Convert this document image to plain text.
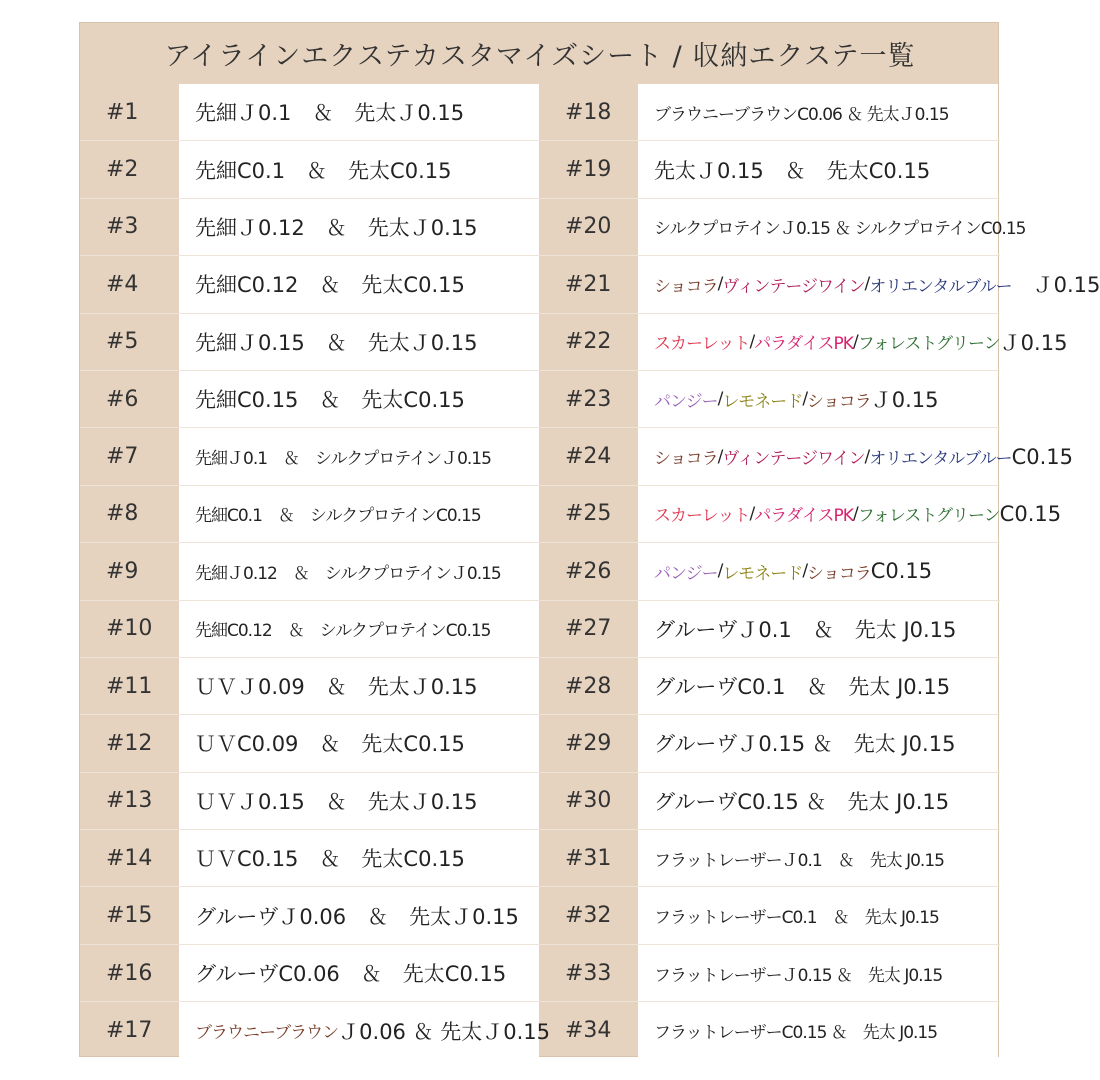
アイラインエクステカスタマイズシート / 収納エクステ一覧
#1	先細Ｊ0.1　＆　先太Ｊ0.15	#18	ブラウニーブラウンC0.06 ＆ 先太Ｊ0.15
#2	先細C0.1　＆　先太C0.15	#19	先太Ｊ0.15　＆　先太C0.15
#3	先細Ｊ0.12　＆　先太Ｊ0.15	#20	シルクプロテインＪ0.15 ＆ シルクプロテインC0.15
#4	先細C0.12　＆　先太C0.15	#21	ショコラ / ヴィンテージワイン / オリエンタルブルー 　Ｊ0.15
#5	先細Ｊ0.15　＆　先太Ｊ0.15	#22	スカーレット / パラダイスPK / フォレストグリーン Ｊ0.15
#6	先細C0.15　＆　先太C0.15	#23	パンジー / レモネード / ショコラ Ｊ0.15
#7	先細Ｊ0.1　＆　シルクプロテインＪ0.15	#24	ショコラ / ヴィンテージワイン / オリエンタルブルー C0.15
#8	先細C0.1　＆　シルクプロテインC0.15	#25	スカーレット / パラダイスPK / フォレストグリーン C0.15
#9	先細Ｊ0.12　＆　シルクプロテインＪ0.15	#26	パンジー / レモネード / ショコラ C0.15
#10	先細C0.12　＆　シルクプロテインC0.15	#27	グルーヴＪ0.1　＆　先太 J0.15
#11	ＵＶＪ0.09　＆　先太Ｊ0.15	#28	グルーヴC0.1　＆　先太 J0.15
#12	ＵＶC0.09　＆　先太C0.15	#29	グルーヴＪ0.15 ＆　先太 J0.15
#13	ＵＶＪ0.15　＆　先太Ｊ0.15	#30	グルーヴC0.15 ＆　先太 J0.15
#14	ＵＶC0.15　＆　先太C0.15	#31	フラットレーザーＪ0.1　＆　先太 J0.15
#15	グルーヴＪ0.06　＆　先太Ｊ0.15	#32	フラットレーザーC0.1　＆　先太 J0.15
#16	グルーヴC0.06　＆　先太C0.15	#33	フラットレーザーＪ0.15 ＆　先太 J0.15
#17	ブラウニーブラウン Ｊ0.06 ＆ 先太Ｊ0.15 #34	フラットレーザーC0.15 ＆　先太 J0.15
